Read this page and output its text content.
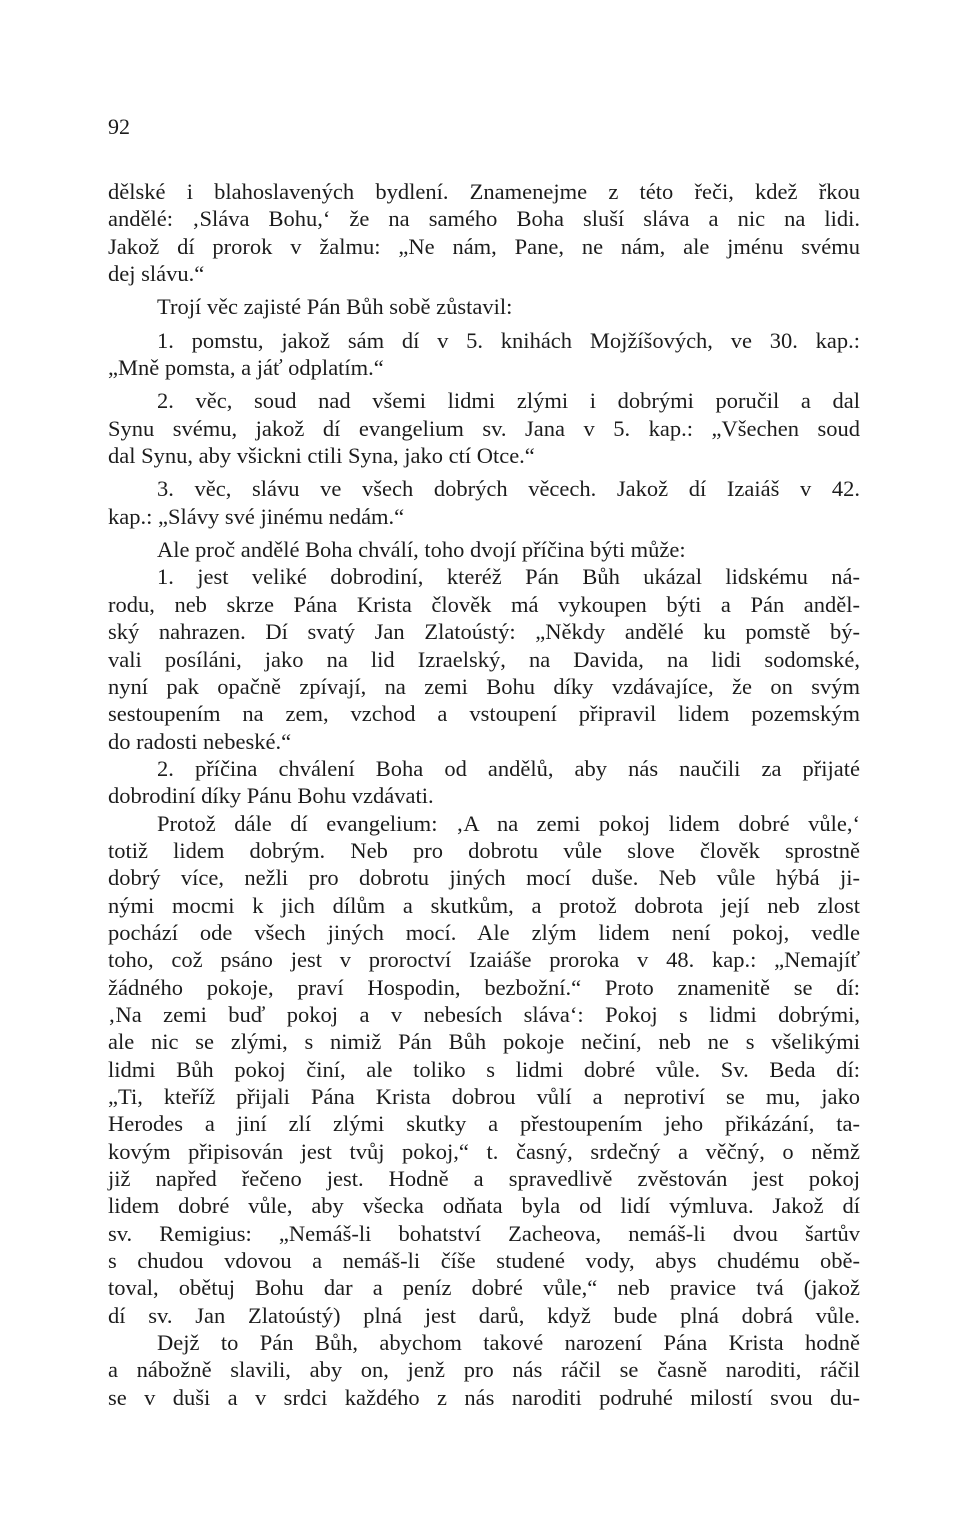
92
dělské i blahoslavených bydlení. Znamenejme z této řeči, kdež řkou
andělé: ‚Sláva Bohu,‘ že na samého Boha sluší sláva a nic na lidi.
Jakož dí prorok v žalmu: „Ne nám, Pane, ne nám, ale jménu svému
dej slávu.“
Trojí věc zajisté Pán Bůh sobě zůstavil:
1. pomstu, jakož sám dí v 5. knihách Mojžíšových, ve 30. kap.:
„Mně pomsta, a jáť odplatím.“
2. věc, soud nad všemi lidmi zlými i dobrými poručil a dal
Synu svému, jakož dí evangelium sv. Jana v 5. kap.: „Všechen soud
dal Synu, aby všickni ctili Syna, jako ctí Otce.“
3. věc, slávu ve všech dobrých věcech. Jakož dí Izaiáš v 42.
kap.: „Slávy své jinému nedám.“
Ale proč andělé Boha chválí, toho dvojí příčina býti může:
1. jest veliké dobrodiní, kteréž Pán Bůh ukázal lidskému ná-
rodu, neb skrze Pána Krista člověk má vykoupen býti a Pán anděl-
ský nahrazen. Dí svatý Jan Zlatoústý: „Někdy andělé ku pomstě bý-
vali posíláni, jako na lid Izraelský, na Davida, na lidi sodomské,
nyní pak opačně zpívají, na zemi Bohu díky vzdávajíce, že on svým
sestoupením na zem, vzchod a vstoupení připravil lidem pozemským
do radosti nebeské.“
2. příčina chválení Boha od andělů, aby nás naučili za přijaté
dobrodiní díky Pánu Bohu vzdávati.
Protož dále dí evangelium: ‚A na zemi pokoj lidem dobré vůle,‘
totiž lidem dobrým. Neb pro dobrotu vůle slove člověk sprostně
dobrý více, nežli pro dobrotu jiných mocí duše. Neb vůle hýbá ji-
nými mocmi k jich dílům a skutkům, a protož dobrota její neb zlost
pochází ode všech jiných mocí. Ale zlým lidem není pokoj, vedle
toho, což psáno jest v proroctví Izaiáše proroka v 48. kap.: „Nemajíť
žádného pokoje, praví Hospodin, bezbožní.“ Proto znamenitě se dí:
‚Na zemi buď pokoj a v nebesích sláva‘: Pokoj s lidmi dobrými,
ale nic se zlými, s nimiž Pán Bůh pokoje nečiní, neb ne s všelikými
lidmi Bůh pokoj činí, ale toliko s lidmi dobré vůle. Sv. Beda dí:
„Ti, kteříž přijali Pána Krista dobrou vůlí a neprotiví se mu, jako
Herodes a jiní zlí zlými skutky a přestoupením jeho přikázání, ta-
kovým připisován jest tvůj pokoj,“ t. časný, srdečný a věčný, o němž
již napřed řečeno jest. Hodně a spravedlivě zvěstován jest pokoj
lidem dobré vůle, aby všecka odňata byla od lidí výmluva. Jakož dí
sv. Remigius: „Nemáš-li bohatství Zacheova, nemáš-li dvou šartův
s chudou vdovou a nemáš-li číše studené vody, abys chudému obě-
toval, obětuj Bohu dar a peníz dobré vůle,“ neb pravice tvá (jakož
dí sv. Jan Zlatoústý) plná jest darů, když bude plná dobrá vůle.
Dejž to Pán Bůh, abychom takové narození Pána Krista hodně
a nábožně slavili, aby on, jenž pro nás ráčil se časně naroditi, ráčil
se v duši a v srdci každého z nás naroditi podruhé milostí svou du-
